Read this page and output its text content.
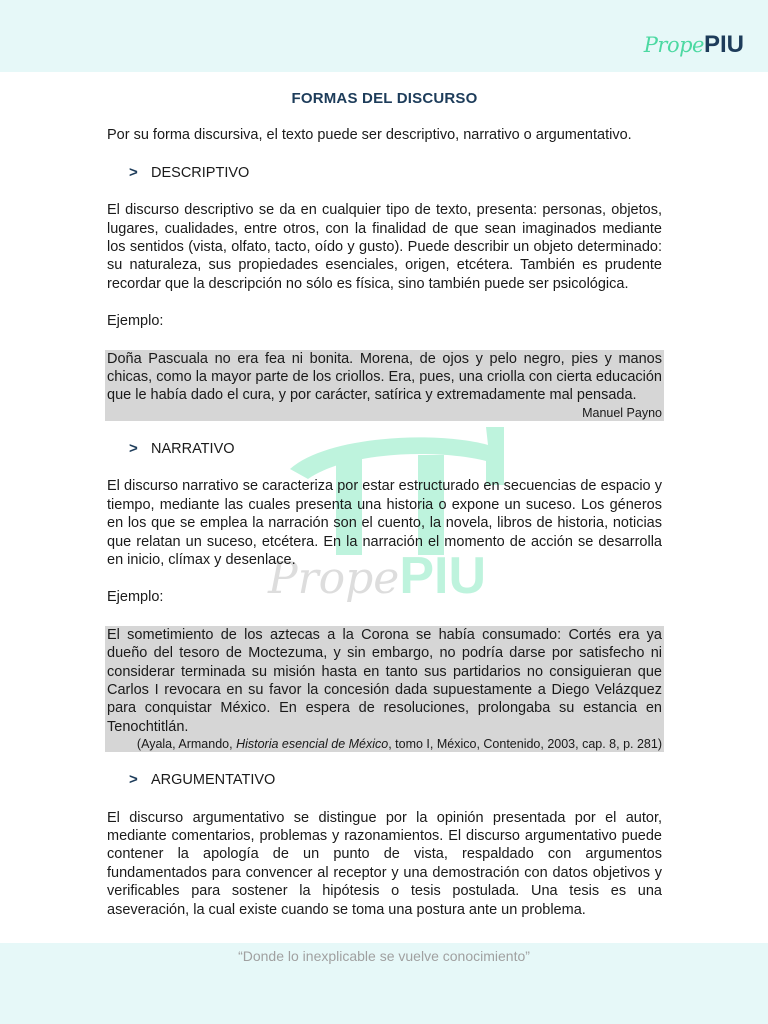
PropePIU
PropePIU
FORMAS DEL DISCURSO

Por su forma discursiva, el texto puede ser descriptivo, narrativo o argumentativo.

> DESCRIPTIVO

El discurso descriptivo se da en cualquier tipo de texto, presenta: personas, objetos, lugares, cualidades, entre otros, con la finalidad de que sean imaginados mediante los sentidos (vista, olfato, tacto, oído y gusto). Puede describir un objeto determinado: su naturaleza, sus propiedades esenciales, origen, etcétera. También es prudente recordar que la descripción no sólo es física, sino también puede ser psicológica.

Ejemplo:

Doña Pascuala no era fea ni bonita. Morena, de ojos y pelo negro, pies y manos chicas, como la mayor parte de los criollos. Era, pues, una criolla con cierta educación que le había dado el cura, y por carácter, satírica y extremadamente mal pensada.

Manuel Payno

> NARRATIVO

El discurso narrativo se caracteriza por estar estructurado en secuencias de espacio y tiempo, mediante las cuales presenta una historia o expone un suceso. Los géneros en los que se emplea la narración son el cuento, la novela, libros de historia, noticias que relatan un suceso, etcétera. En la narración el momento de acción se desarrolla en inicio, clímax y desenlace.

Ejemplo:

El sometimiento de los aztecas a la Corona se había consumado: Cortés era ya dueño del tesoro de Moctezuma, y sin embargo, no podría darse por satisfecho ni considerar terminada su misión hasta en tanto sus partidarios no consiguieran que Carlos I revocara en su favor la concesión dada supuestamente a Diego Velázquez para conquistar México. En espera de resoluciones, prolongaba su estancia en Tenochtitlán.

(Ayala, Armando, Historia esencial de México, tomo I, México, Contenido, 2003, cap. 8, p. 281)

> ARGUMENTATIVO

El discurso argumentativo se distingue por la opinión presentada por el autor, mediante comentarios, problemas y razonamientos. El discurso argumentativo puede contener la apología de un punto de vista, respaldado con argumentos fundamentados para convencer al receptor y una demostración con datos objetivos y verificables para sostener la hipótesis o tesis postulada. Una tesis es una aseveración, la cual existe cuando se toma una postura ante un problema.

“Donde lo inexplicable se vuelve conocimiento”
